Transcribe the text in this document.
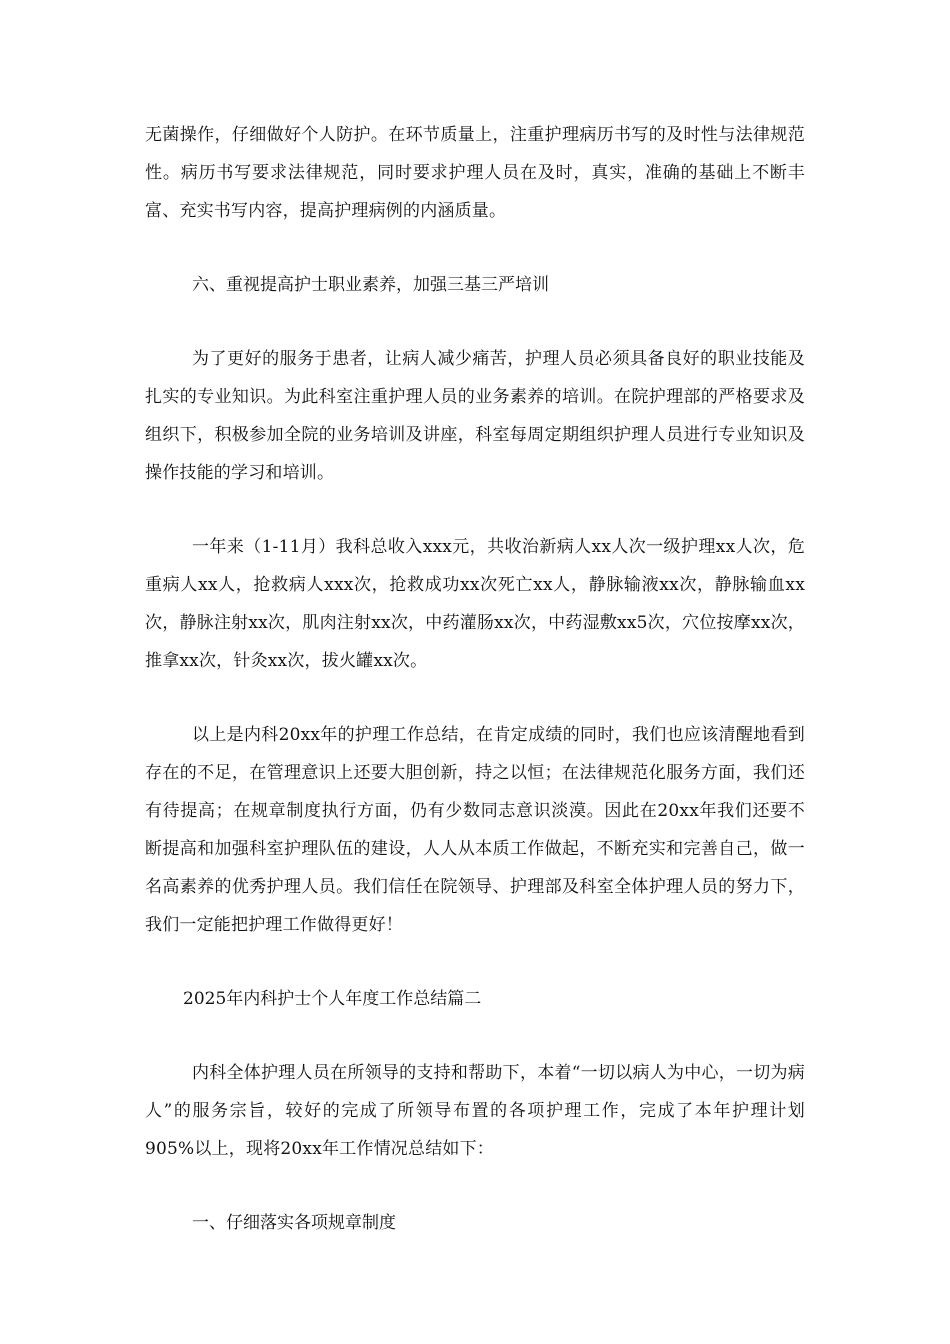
无菌操作，仔细做好个人防护。在环节质量上，注重护理病历书写的及时性与法律规范性。病历书写要求法律规范，同时要求护理人员在及时，真实，准确的基础上不断丰富、充实书写内容，提高护理病例的内涵质量。

六、重视提高护士职业素养，加强三基三严培训

为了更好的服务于患者，让病人减少痛苦，护理人员必须具备良好的职业技能及扎实的专业知识。为此科室注重护理人员的业务素养的培训。在院护理部的严格要求及组织下，积极参加全院的业务培训及讲座，科室每周定期组织护理人员进行专业知识及操作技能的学习和培训。

一年来（1-11月）我科总收入xxx元，共收治新病人xx人次一级护理xx人次，危重病人xx人，抢救病人xxx次，抢救成功xx次死亡xx人，静脉输液xx次，静脉输血xx次，静脉注射xx次，肌肉注射xx次，中药灌肠xx次，中药湿敷xx5次，穴位按摩xx次，推拿xx次，针灸xx次，拔火罐xx次。

以上是内科20xx年的护理工作总结，在肯定成绩的同时，我们也应该清醒地看到存在的不足，在管理意识上还要大胆创新，持之以恒；在法律规范化服务方面，我们还有待提高；在规章制度执行方面，仍有少数同志意识淡漠。因此在20xx年我们还要不断提高和加强科室护理队伍的建设，人人从本质工作做起，不断充实和完善自己，做一名高素养的优秀护理人员。我们信任在院领导、护理部及科室全体护理人员的努力下，我们一定能把护理工作做得更好！

2025年内科护士个人年度工作总结篇二

内科全体护理人员在所领导的支持和帮助下，本着“一切以病人为中心，一切为病人”的服务宗旨，较好的完成了所领导布置的各项护理工作，完成了本年护理计划905%以上，现将20xx年工作情况总结如下：

一、仔细落实各项规章制度
